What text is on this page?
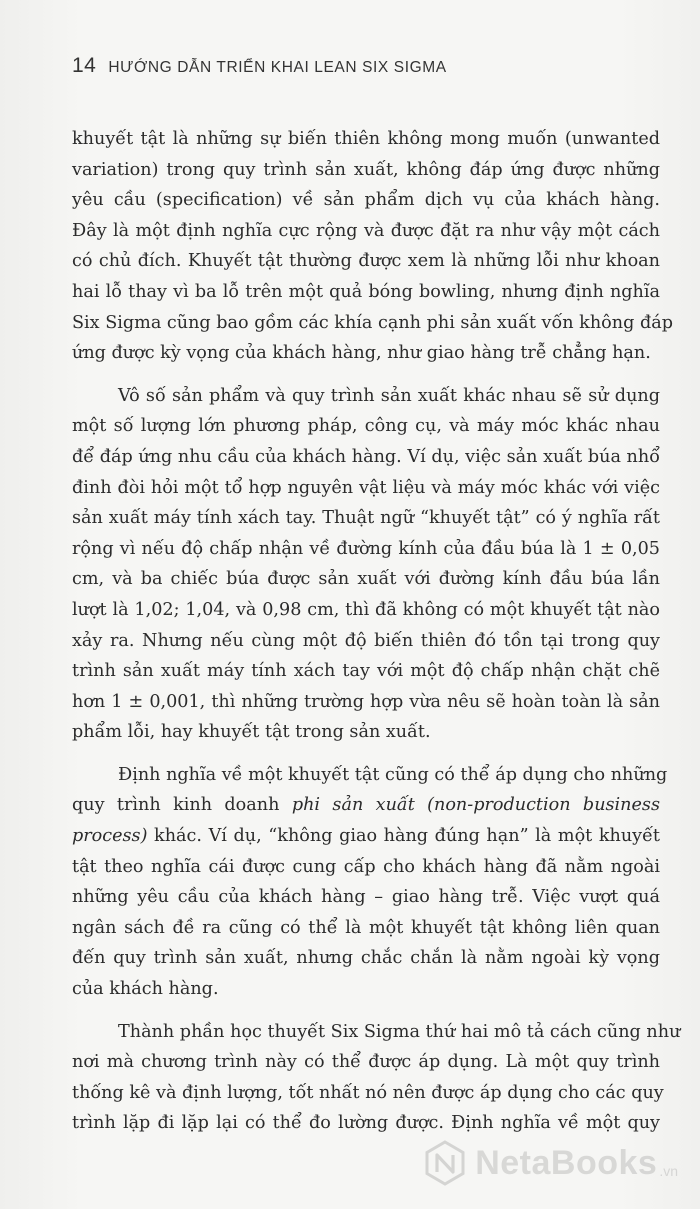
14 HƯỚNG DẪN TRIỂN KHAI LEAN SIX SIGMA

khuyết tật là những sự biến thiên không mong muốn (unwanted
variation) trong quy trình sản xuất, không đáp ứng được những
yêu cầu (specification) về sản phẩm dịch vụ của khách hàng.
Đây là một định nghĩa cực rộng và được đặt ra như vậy một cách
có chủ đích. Khuyết tật thường được xem là những lỗi như khoan
hai lỗ thay vì ba lỗ trên một quả bóng bowling, nhưng định nghĩa
Six Sigma cũng bao gồm các khía cạnh phi sản xuất vốn không đáp
ứng được kỳ vọng của khách hàng, như giao hàng trễ chẳng hạn.

Vô số sản phẩm và quy trình sản xuất khác nhau sẽ sử dụng
một số lượng lớn phương pháp, công cụ, và máy móc khác nhau
để đáp ứng nhu cầu của khách hàng. Ví dụ, việc sản xuất búa nhổ
đinh đòi hỏi một tổ hợp nguyên vật liệu và máy móc khác với việc
sản xuất máy tính xách tay. Thuật ngữ “khuyết tật” có ý nghĩa rất
rộng vì nếu độ chấp nhận về đường kính của đầu búa là 1 ± 0,05
cm, và ba chiếc búa được sản xuất với đường kính đầu búa lần
lượt là 1,02; 1,04, và 0,98 cm, thì đã không có một khuyết tật nào
xảy ra. Nhưng nếu cùng một độ biến thiên đó tồn tại trong quy
trình sản xuất máy tính xách tay với một độ chấp nhận chặt chẽ
hơn 1 ± 0,001, thì những trường hợp vừa nêu sẽ hoàn toàn là sản
phẩm lỗi, hay khuyết tật trong sản xuất.

Định nghĩa về một khuyết tật cũng có thể áp dụng cho những
quy trình kinh doanh phi sản xuất (non-production business
process) khác. Ví dụ, “không giao hàng đúng hạn” là một khuyết
tật theo nghĩa cái được cung cấp cho khách hàng đã nằm ngoài
những yêu cầu của khách hàng – giao hàng trễ. Việc vượt quá
ngân sách đề ra cũng có thể là một khuyết tật không liên quan
đến quy trình sản xuất, nhưng chắc chắn là nằm ngoài kỳ vọng
của khách hàng.

Thành phần học thuyết Six Sigma thứ hai mô tả cách cũng như
nơi mà chương trình này có thể được áp dụng. Là một quy trình
thống kê và định lượng, tốt nhất nó nên được áp dụng cho các quy
trình lặp đi lặp lại có thể đo lường được. Định nghĩa về một quy

NetaBooks .vn
